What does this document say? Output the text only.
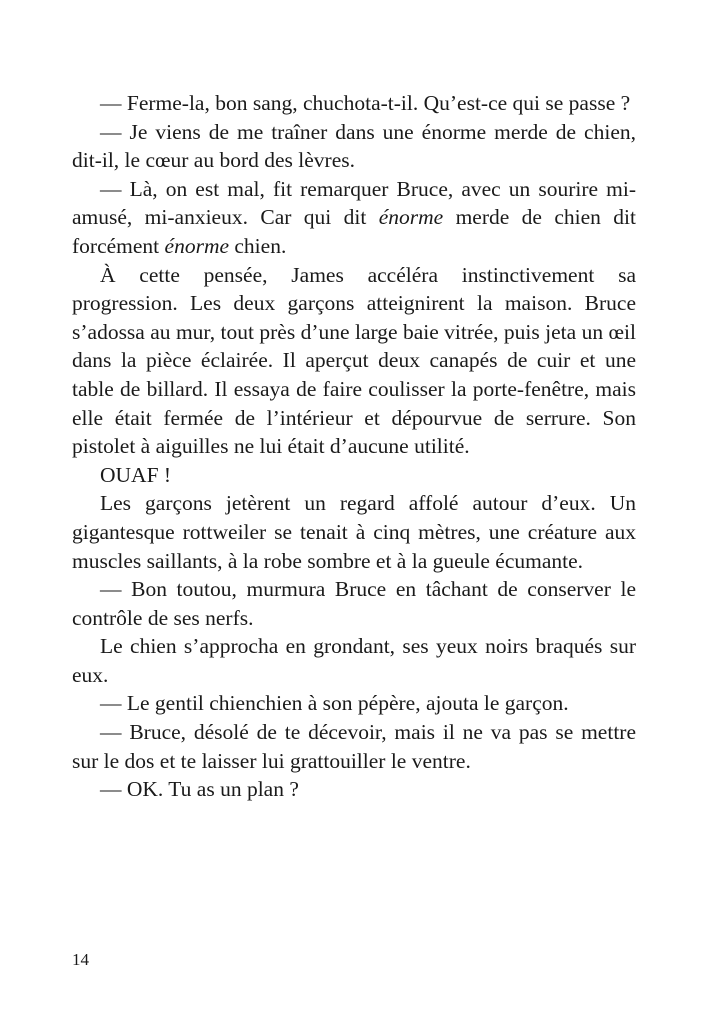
— Ferme-la, bon sang, chuchota-t-il. Qu’est-ce qui se passe ?

— Je viens de me traîner dans une énorme merde de chien, dit-il, le cœur au bord des lèvres.

— Là, on est mal, fit remarquer Bruce, avec un sourire mi-amusé, mi-anxieux. Car qui dit énorme merde de chien dit forcément énorme chien.

À cette pensée, James accéléra instinctivement sa progression. Les deux garçons atteignirent la maison. Bruce s’adossa au mur, tout près d’une large baie vitrée, puis jeta un œil dans la pièce éclairée. Il aperçut deux canapés de cuir et une table de billard. Il essaya de faire coulisser la porte-fenêtre, mais elle était fermée de l’intérieur et dépourvue de serrure. Son pistolet à aiguilles ne lui était d’aucune utilité.

OUAF !

Les garçons jetèrent un regard affolé autour d’eux. Un gigantesque rottweiler se tenait à cinq mètres, une créature aux muscles saillants, à la robe sombre et à la gueule écumante.

— Bon toutou, murmura Bruce en tâchant de conserver le contrôle de ses nerfs.

Le chien s’approcha en grondant, ses yeux noirs braqués sur eux.

— Le gentil chienchien à son pépère, ajouta le garçon.

— Bruce, désolé de te décevoir, mais il ne va pas se mettre sur le dos et te laisser lui grattouiller le ventre.

— OK. Tu as un plan ?

14
